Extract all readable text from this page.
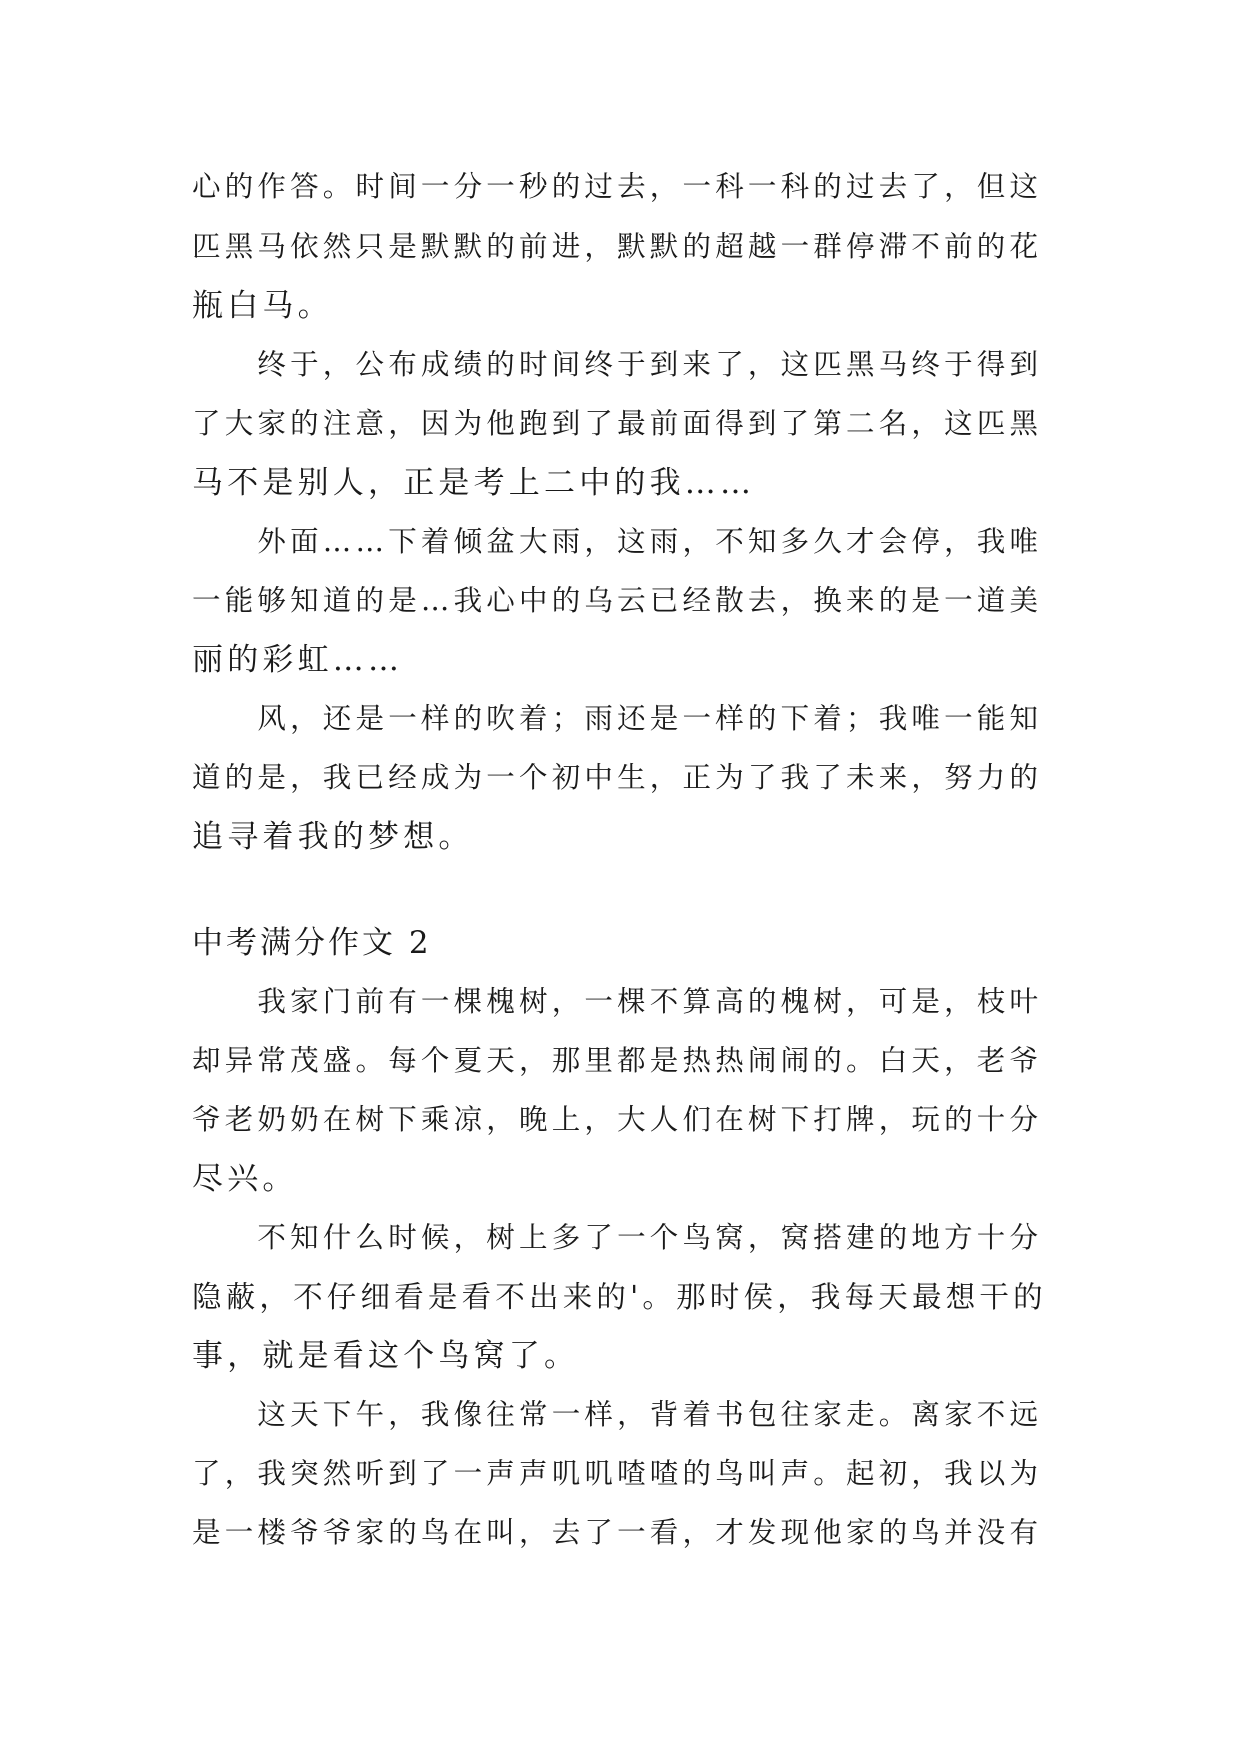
心的作答。时间一分一秒的过去，一科一科的过去了，但这
匹黑马依然只是默默的前进，默默的超越一群停滞不前的花
瓶白马。
　　终于，公布成绩的时间终于到来了，这匹黑马终于得到
了大家的注意，因为他跑到了最前面得到了第二名，这匹黑
马不是别人，正是考上二中的我……
　　外面……下着倾盆大雨，这雨，不知多久才会停，我唯
一能够知道的是…我心中的乌云已经散去，换来的是一道美
丽的彩虹……
　　风，还是一样的吹着；雨还是一样的下着；我唯一能知
道的是，我已经成为一个初中生，正为了我了未来，努力的
追寻着我的梦想。
中考满分作文 2
　　我家门前有一棵槐树，一棵不算高的槐树，可是，枝叶
却异常茂盛。每个夏天，那里都是热热闹闹的。白天，老爷
爷老奶奶在树下乘凉，晚上，大人们在树下打牌，玩的十分
尽兴。
　　不知什么时候，树上多了一个鸟窝，窝搭建的地方十分
隐蔽，不仔细看是看不出来的'。那时侯，我每天最想干的
事，就是看这个鸟窝了。
　　这天下午，我像往常一样，背着书包往家走。离家不远
了，我突然听到了一声声叽叽喳喳的鸟叫声。起初，我以为
是一楼爷爷家的鸟在叫，去了一看，才发现他家的鸟并没有
